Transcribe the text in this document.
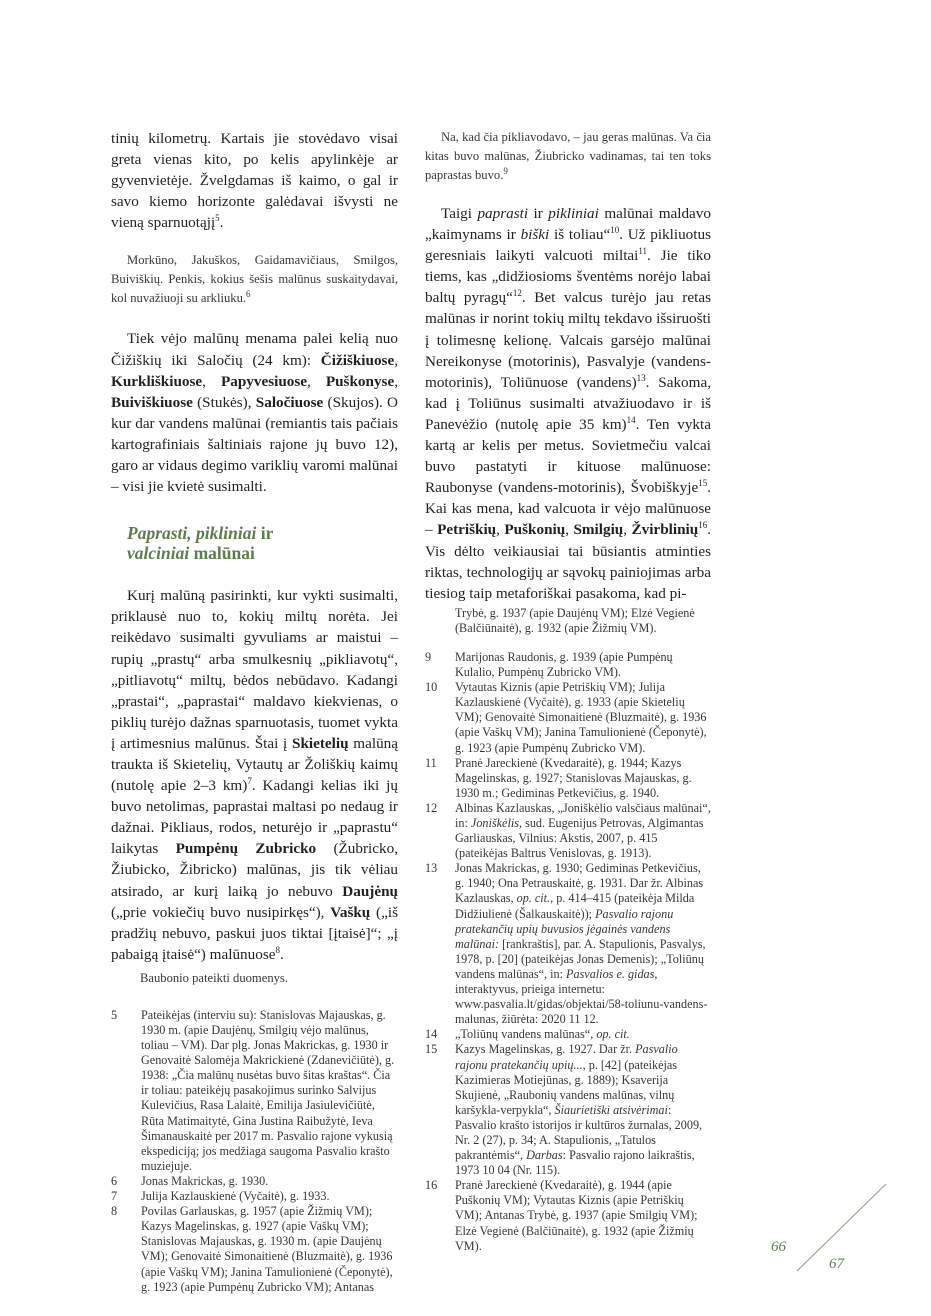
tinių kilometrų. Kartais jie stovėdavo visai greta vienas kito, po kelis apylinkėje ar gyvenvietėje. Žvelgdamas iš kaimo, o gal ir savo kiemo horizonte galėdavai išvysti ne vieną sparnuotąjį$^5$.

Morkūno, Jakuškos, Gaidamavičiaus, Smilgos, Buiviškių. Penkis, kokius šešis malūnus suskaitydavai, kol nuvažiuoji su arkliuku.$^6$

Tiek vėjo malūnų menama palei kelią nuo Čižiškių iki Saločių (24 km): Čižiškiuose, Kurkliškiuose, Papyvesiuose, Puškonyse, Buiviškiuose (Stukės), Saločiuose (Skujos). O kur dar vandens malūnai (remiantis tais pačiais kartografiniais šaltiniais rajone jų buvo 12), garo ar vidaus degimo variklių varomi malūnai – visi jie kvietė susimalti.

Paprasti, pikliniai ir
valciniai malūnai

Kurį malūną pasirinkti, kur vykti susimalti, priklausė nuo to, kokių miltų norėta. Jei reikėdavo susimalti gyvuliams ar maistui – rupių „prastų“ arba smulkesnių „pikliavotų“, „pitliavotų“ miltų, bėdos nebūdavo. Kadangi „prastai“, „paprastai“ maldavo kiekvienas, o piklių turėjo dažnas sparnuotasis, tuomet vykta į artimesnius malūnus. Štai į Skietelių malūną traukta iš Skietelių, Vytautų ar Žoliškių kaimų (nutolę apie 2–3 km)$^7$. Kadangi kelias iki jų buvo netolimas, paprastai maltasi po nedaug ir dažnai. Pikliaus, rodos, neturėjo ir „paprastu“ laikytas Pumpėnų Zubricko (Žubricko, Žiubicko, Žibricko) malūnas, jis tik vėliau atsirado, ar kurį laiką jo nebuvo Daujėnų („prie vokiečių buvo nusipirkęs“), Vaškų („iš pradžių nebuvo, paskui juos tiktai [įtaisė]“; „į pabaigą įtaisė“) malūnuose$^8$.

Baubonio pateikti duomenys.

5	Pateikėjas (interviu su): Stanislovas Majauskas, g. 1930 m. (apie Daujėnų, Smilgių vėjo malūnus, toliau – VM). Dar plg. Jonas Makrickas, g. 1930 ir Genovaitė Salomėja Makrickienė (Zdanevičiūtė), g. 1938: „Čia malūnų nusėtas buvo šitas kraštas“. Čia ir toliau: pateikėjų pasakojimus surinko Salvijus Kulevičius, Rasa Lalaitė, Emilija Jasiulevičiūtė, Rūta Matimaitytė, Gina Justina Raibužytė, Ieva Šimanauskaitė per 2017 m. Pasvalio rajone vykusią ekspediciją; jos medžiaga saugoma Pasvalio krašto muziejuje.
6	Jonas Makrickas, g. 1930.
7	Julija Kazlauskienė (Vyčaitė), g. 1933.
8	Povilas Garlauskas, g. 1957 (apie Žižmių VM); Kazys Magelinskas, g. 1927 (apie Vaškų VM); Stanislovas Majauskas, g. 1930 m. (apie Daujėnų VM); Genovaitė Simonaitienė (Bluzmaitė), g. 1936 (apie Vaškų VM); Janina Tamulionienė (Čeponytė), g. 1923 (apie Pumpėnų Zubricko VM); Antanas

Na, kad čia pikliavodavo, – jau geras malūnas. Va čia kitas buvo malūnas, Žiubricko vadinamas, tai ten toks paprastas buvo.$^9$

Taigi paprasti ir pikliniai malūnai maldavo „kaimynams ir biški iš toliau“$^{10}$. Už pikliuotus geresniais laikyti valcuoti miltai$^{11}$. Jie tiko tiems, kas „didžiosioms šventėms norėjo labai baltų pyragų“$^{12}$. Bet valcus turėjo jau retas malūnas ir norint tokių miltų tekdavo išsiruošti į tolimesnę kelionę. Valcais garsėjo malūnai Nereikonyse (motorinis), Pasvalyje (vandens-motorinis), Toliūnuose (vandens)$^{13}$. Sakoma, kad į Toliūnus susimalti atvažiuodavo ir iš Panevėžio (nutolę apie 35 km)$^{14}$. Ten vykta kartą ar kelis per metus. Sovietmečiu valcai buvo pastatyti ir kituose malūnuose: Raubonyse (vandens-motorinis), Švobiškyje$^{15}$. Kai kas mena, kad valcuota ir vėjo malūnuose – Petriškių, Puškonių, Smilgių, Žvirblinių$^{16}$. Vis dėlto veikiausiai tai būsiantis atminties riktas, technologijų ar sąvokų painiojimas arba tiesiog taip metaforiškai pasakoma, kad pi-

Trybė, g. 1937 (apie Daujėnų VM); Elzė Vegienė (Balčiūnaitė), g. 1932 (apie Žižmių VM).
9	Marijonas Raudonis, g. 1939 (apie Pumpėnų Kulalio, Pumpėnų Zubricko VM).
10	Vytautas Kiznis (apie Petriškių VM); Julija Kazlauskienė (Vyčaitė), g. 1933 (apie Skietelių VM); Genovaitė Simonaitienė (Bluzmaitė), g. 1936 (apie Vaškų VM); Janina Tamulionienė (Čeponytė), g. 1923 (apie Pumpėnų Zubricko VM).
11	Pranė Jareckienė (Kvedaraitė), g. 1944; Kazys Magelinskas, g. 1927; Stanislovas Majauskas, g. 1930 m.; Gediminas Petkevičius, g. 1940.
12	Albinas Kazlauskas, „Joniškėlio valsčiaus malūnai“, in: Joniškėlis, sud. Eugenijus Petrovas, Algimantas Garliauskas, Vilnius: Akstis, 2007, p. 415 (pateikėjas Baltrus Venislovas, g. 1913).
13	Jonas Makrickas, g. 1930; Gediminas Petkevičius, g. 1940; Ona Petrauskaitė, g. 1931. Dar žr. Albinas Kazlauskas, op. cit., p. 414–415 (pateikėja Milda Didžiulienė (Šalkauskaitė)); Pasvalio rajonu pratekančių upių buvusios jėgainės vandens malūnai: [rankraštis], par. A. Stapulionis, Pasvalys, 1978, p. [20] (pateikėjas Jonas Demenis); „Toliūnų vandens malūnas“, in: Pasvalios e. gidas, interaktyvus, prieiga internetu: www.pasvalia.lt/gidas/objektai/58-toliunu-vandens-malunas, žiūrėta: 2020 11 12.
14	„Toliūnų vandens malūnas“, op. cit.
15	Kazys Magelinskas, g. 1927. Dar žr. Pasvalio rajonu pratekančių upių..., p. [42] (pateikėjas Kazimieras Motiejūnas, g. 1889); Ksaverija Skujienė, „Raubonių vandens malūnas, vilnų karšykla-verpykla“, Šiaurietiški atsivėrimai: Pasvalio krašto istorijos ir kultūros žurnalas, 2009, Nr. 2 (27), p. 34; A. Stapulionis, „Tatulos pakrantėmis“, Darbas: Pasvalio rajono laikraštis, 1973 10 04 (Nr. 115).
16	Pranė Jareckienė (Kvedaraitė), g. 1944 (apie Puškonių VM); Vytautas Kiznis (apie Petriškių VM); Antanas Trybė, g. 1937 (apie Smilgių VM); Elzė Vegienė (Balčiūnaitė), g. 1932 (apie Žižmių VM).	66
67
